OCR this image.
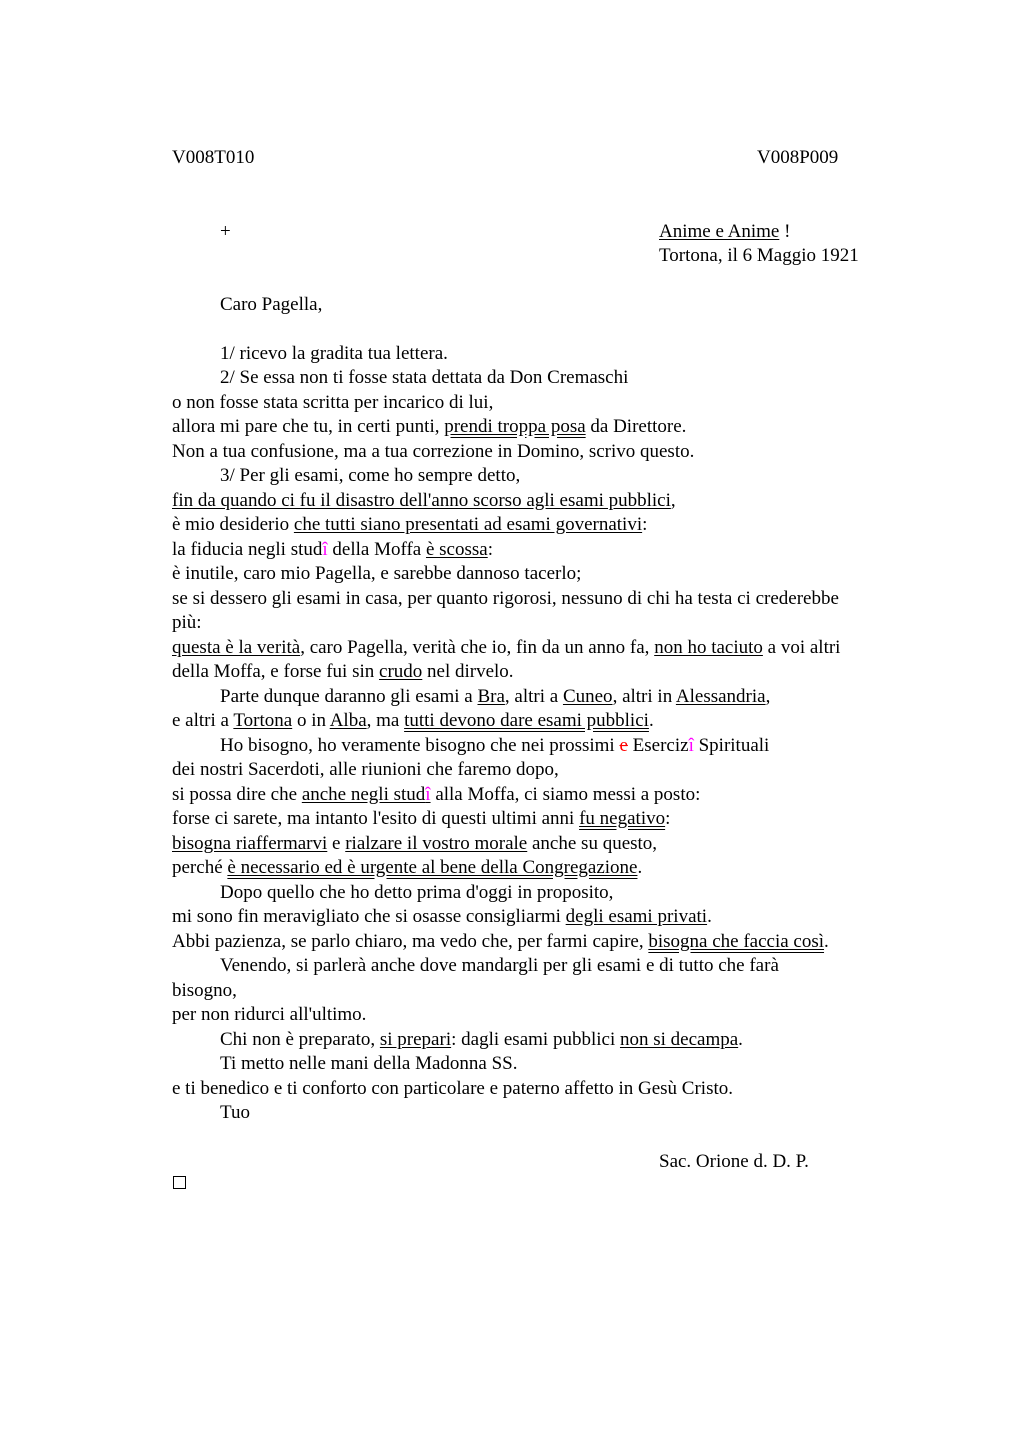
V008T010	V008P009
+	Anime e Anime !
Tortona, il 6 Maggio 1921
Caro Pagella,
1/ ricevo la gradita tua lettera.
2/ Se essa non ti fosse stata dettata da Don Cremaschi
o non fosse stata scritta per incarico di lui,
allora mi pare che tu, in certi punti, prendi troppa posa da Direttore.
Non a tua confusione, ma a tua correzione in Domino, scrivo questo.
3/ Per gli esami, come ho sempre detto,
fin da quando ci fu il disastro dell'anno scorso agli esami pubblici,
è mio desiderio che tutti siano presentati ad esami governativi:
la fiducia negli studî della Moffa è scossa:
è inutile, caro mio Pagella, e sarebbe dannoso tacerlo;
se si dessero gli esami in casa, per quanto rigorosi, nessuno di chi ha testa ci crederebbe
più:
questa è la verità, caro Pagella, verità che io, fin da un anno fa, non ho taciuto a voi altri
della Moffa, e forse fui sin crudo nel dirvelo.
Parte dunque daranno gli esami a Bra, altri a Cuneo, altri in Alessandria,
e altri a Tortona o in Alba, ma tutti devono dare esami pubblici.
Ho bisogno, ho veramente bisogno che nei prossimi e Esercizî Spirituali
dei nostri Sacerdoti, alle riunioni che faremo dopo,
si possa dire che anche negli studî alla Moffa, ci siamo messi a posto:
forse ci sarete, ma intanto l'esito di questi ultimi anni fu negativo:
bisogna riaffermarvi e rialzare il vostro morale anche su questo,
perché è necessario ed è urgente al bene della Congregazione.
Dopo quello che ho detto prima d'oggi in proposito,
mi sono fin meravigliato che si osasse consigliarmi degli esami privati.
Abbi pazienza, se parlo chiaro, ma vedo che, per farmi capire, bisogna che faccia così.
Venendo, si parlerà anche dove mandargli per gli esami e di tutto che farà
bisogno,
per non ridurci all'ultimo.
Chi non è preparato, si prepari: dagli esami pubblici non si decampa.
Ti metto nelle mani della Madonna SS.
e ti benedico e ti conforto con particolare e paterno affetto in Gesù Cristo.
Tuo
Sac. Orione d. D. P.
